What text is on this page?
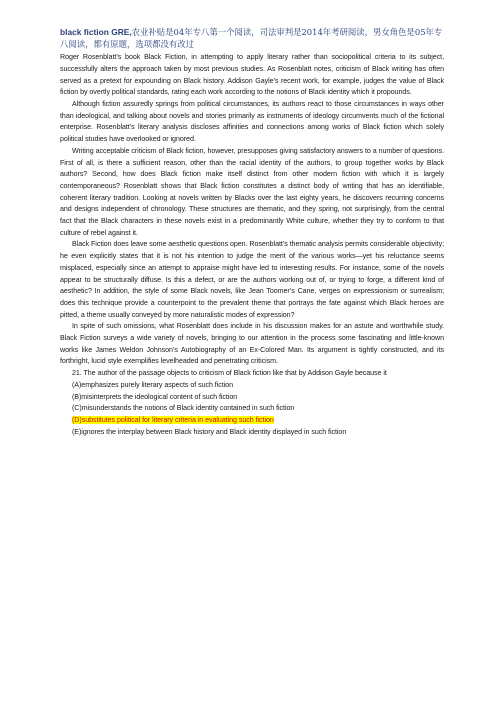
black fiction GRE,农业补贴是04年专八第一个阅读，司法审判是2014年考研阅读，男女角色是05年专八阅读，都有原题，选项都没有改过

Roger Rosenblatt’s book Black Fiction, in attempting to apply literary rather than sociopolitical criteria to its subject, successfully alters the approach taken by most previous studies. As Rosenblatt notes, criticism of Black writing has often served as a pretext for expounding on Black history. Addison Gayle’s recent work, for example, judges the value of Black fiction by overtly political standards, rating each work according to the notions of Black identity which it propounds.

Although fiction assuredly springs from political circumstances, its authors react to those circumstances in ways other than ideological, and talking about novels and stories primarily as instruments of ideology circumvents much of the fictional enterprise. Rosenblatt’s literary analysis discloses affinities and connections among works of Black fiction which solely political studies have overlooked or ignored.

Writing acceptable criticism of Black fiction, however, presupposes giving satisfactory answers to a number of questions. First of all, is there a sufficient reason, other than the racial identity of the authors, to group together works by Black authors? Second, how does Black fiction make itself distinct from other modern fiction with which it is largely contemporaneous? Rosenblatt shows that Black fiction constitutes a distinct body of writing that has an identifiable, coherent literary tradition. Looking at novels written by Blacks over the last eighty years, he discovers recurring concerns and designs independent of chronology. These structures are thematic, and they spring, not surprisingly, from the central fact that the Black characters in these novels exist in a predominantly White culture, whether they try to conform to that culture of rebel against it.

Black Fiction does leave some aesthetic questions open. Rosenblatt’s thematic analysis permits considerable objectivity; he even explicitly states that it is not his intention to judge the merit of the various works—yet his reluctance seems misplaced, especially since an attempt to appraise might have led to interesting results. For instance, some of the novels appear to be structurally diffuse. Is this a defect, or are the authors working out of, or trying to forge, a different kind of aesthetic? In addition, the style of some Black novels, like Jean Toomer’s Cane, verges on expressionism or surrealism; does this technique provide a counterpoint to the prevalent theme that portrays the fate against which Black heroes are pitted, a theme usually conveyed by more naturalistic modes of expression?

In spite of such omissions, what Rosenblatt does include in his discussion makes for an astute and worthwhile study. Black Fiction surveys a wide variety of novels, bringing to our attention in the process some fascinating and little-known works like James Weldon Johnson’s Autobiography of an Ex-Colored Man. Its argument is tightly constructed, and its forthright, lucid style exemplifies levelheaded and penetrating criticism.

21. The author of the passage objects to criticism of Black fiction like that by Addison Gayle because it

(A)emphasizes purely literary aspects of such fiction

(B)misinterprets the ideological content of such fiction

(C)misunderstands the notions of Black identity contained in such fiction

(D)substitutes political for literary criteria in evaluating such fiction

(E)ignores the interplay between Black history and Black identity displayed in such fiction
